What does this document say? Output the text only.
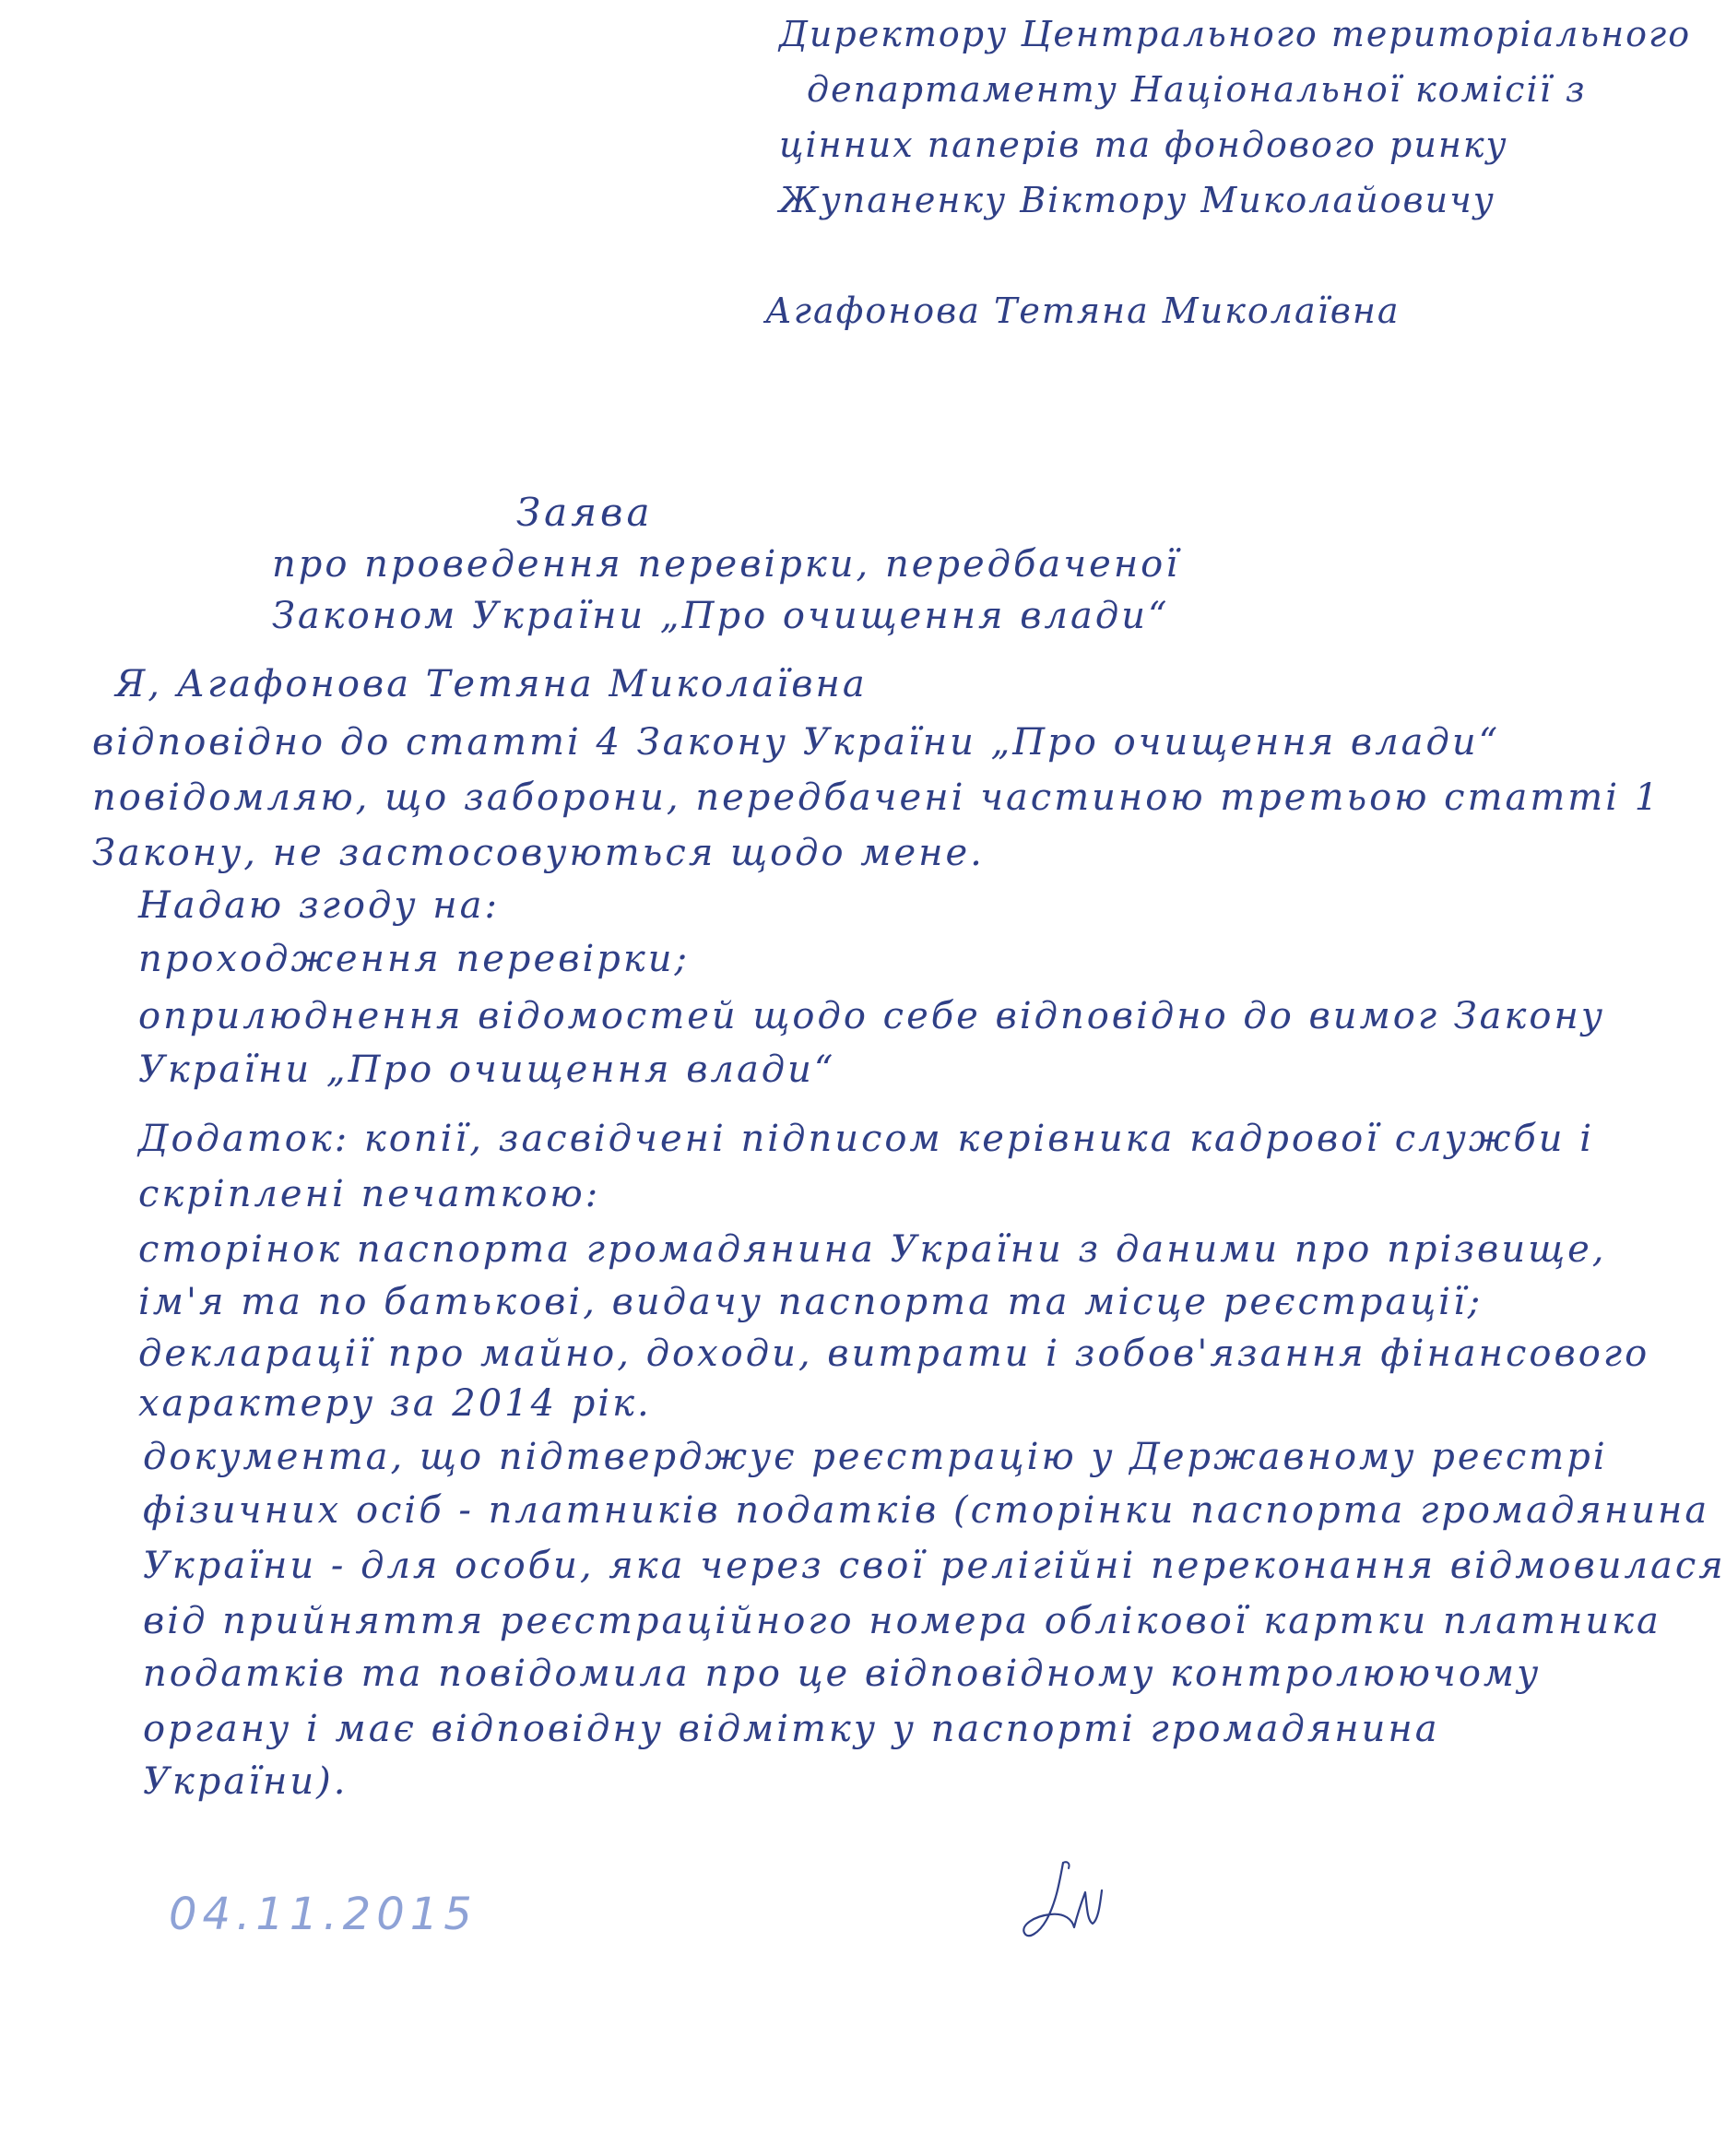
Директору Центрального територіального
департаменту Національної комісії з
цінних паперів та фондового ринку
Жупаненку Віктору Миколайовичу
Агафонова Тетяна Миколаївна
Заява
про проведення перевірки, передбаченої
Законом України „Про очищення влади“
Я, Агафонова Тетяна Миколаївна
відповідно до статті 4 Закону України „Про очищення влади“
повідомляю, що заборони, передбачені частиною третьою статті 1
Закону, не застосовуються щодо мене.
Надаю згоду на:
проходження перевірки;
оприлюднення відомостей щодо себе відповідно до вимог Закону
України „Про очищення влади“
Додаток: копії, засвідчені підписом керівника кадрової служби і
скріплені печаткою:
сторінок паспорта громадянина України з даними про прізвище,
ім'я та по батькові, видачу паспорта та місце реєстрації;
декларації про майно, доходи, витрати і зобов'язання фінансового
характеру за 2014 рік.
документа, що підтверджує реєстрацію у Державному реєстрі
фізичних осіб - платників податків (сторінки паспорта громадянина
України - для особи, яка через свої релігійні переконання відмовилася
від прийняття реєстраційного номера облікової картки платника
податків та повідомила про це відповідному контролюючому
органу і має відповідну відмітку у паспорті громадянина
України).
04.11.2015
